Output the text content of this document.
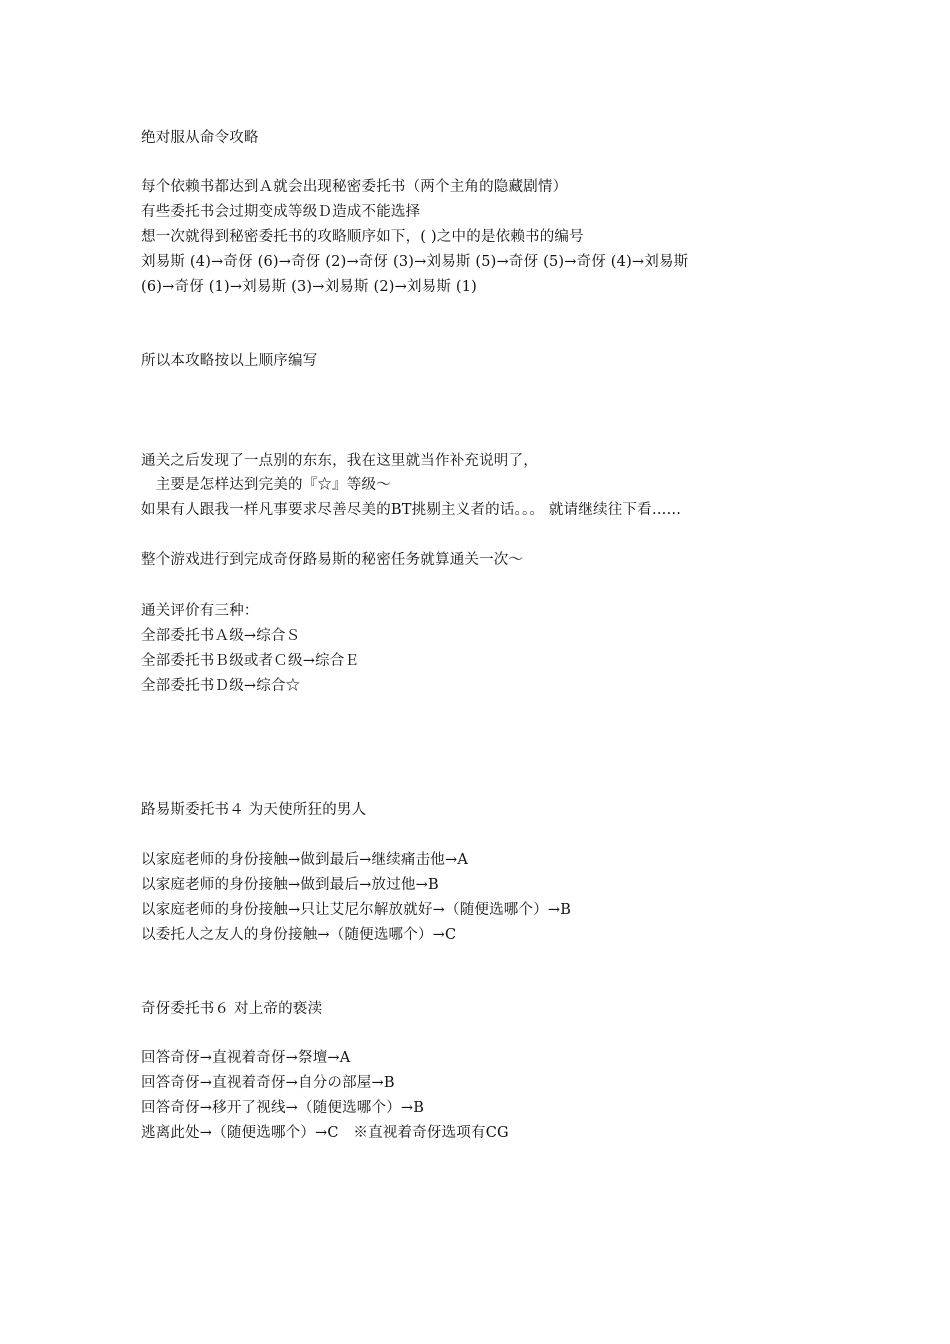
绝对服从命令攻略
每个依赖书都达到Ａ就会出现秘密委托书（两个主角的隐藏剧情）
有些委托书会过期变成等级Ｄ造成不能选择
想一次就得到秘密委托书的攻略顺序如下，( )之中的是依赖书的编号
刘易斯 (4)→奇伢 (6)→奇伢 (2)→奇伢 (3)→刘易斯 (5)→奇伢 (5)→奇伢 (4)→刘易斯
(6)→奇伢 (1)→刘易斯 (3)→刘易斯 (2)→刘易斯 (1)
所以本攻略按以上顺序编写
通关之后发现了一点别的东东，我在这里就当作补充说明了，
　主要是怎样达到完美的『☆』等级～
如果有人跟我一样凡事要求尽善尽美的BT挑剔主义者的话。。。 就请继续往下看……
整个游戏进行到完成奇伢路易斯的秘密任务就算通关一次～
通关评价有三种：
全部委托书Ａ级→综合Ｓ
全部委托书Ｂ级或者Ｃ级→综合Ｅ
全部委托书Ｄ级→综合☆
路易斯委托书４ 为天使所狂的男人
以家庭老师的身份接触→做到最后→继续痛击他→A
以家庭老师的身份接触→做到最后→放过他→B
以家庭老师的身份接触→只让艾尼尔解放就好→（随便选哪个）→B
以委托人之友人的身份接触→（随便选哪个）→C
奇伢委托书６ 对上帝的亵渎
回答奇伢→直视着奇伢→祭壇→A
回答奇伢→直视着奇伢→自分の部屋→B
回答奇伢→移开了视线→（随便选哪个）→B
逃离此处→（随便选哪个）→C　※直视着奇伢选项有CG
